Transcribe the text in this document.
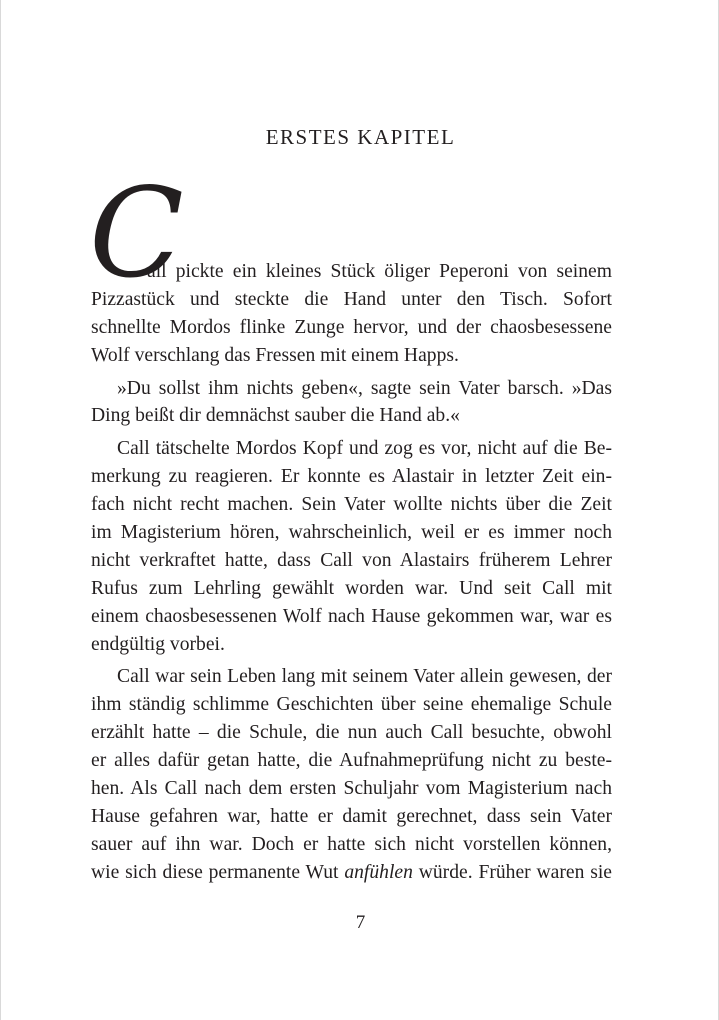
ERSTES KAPITEL
C
all pickte ein kleines Stück öliger Peperoni von seinem
Pizzastück und steckte die Hand unter den Tisch. Sofort
schnellte Mordos flinke Zunge hervor, und der chaosbesessene
Wolf verschlang das Fressen mit einem Happs.
»Du sollst ihm nichts geben«, sagte sein Vater barsch. »Das
Ding beißt dir demnächst sauber die Hand ab.«
Call tätschelte Mordos Kopf und zog es vor, nicht auf die Be-
merkung zu reagieren. Er konnte es Alastair in letzter Zeit ein-
fach nicht recht machen. Sein Vater wollte nichts über die Zeit
im Magisterium hören, wahrscheinlich, weil er es immer noch
nicht verkraftet hatte, dass Call von Alastairs früherem Lehrer
Rufus zum Lehrling gewählt worden war. Und seit Call mit
einem chaosbesessenen Wolf nach Hause gekommen war, war es
endgültig vorbei.
Call war sein Leben lang mit seinem Vater allein gewesen, der
ihm ständig schlimme Geschichten über seine ehemalige Schule
erzählt hatte – die Schule, die nun auch Call besuchte, obwohl
er alles dafür getan hatte, die Aufnahmeprüfung nicht zu beste-
hen. Als Call nach dem ersten Schuljahr vom Magisterium nach
Hause gefahren war, hatte er damit gerechnet, dass sein Vater
sauer auf ihn war. Doch er hatte sich nicht vorstellen können,
wie sich diese permanente Wut anfühlen würde. Früher waren sie
7
